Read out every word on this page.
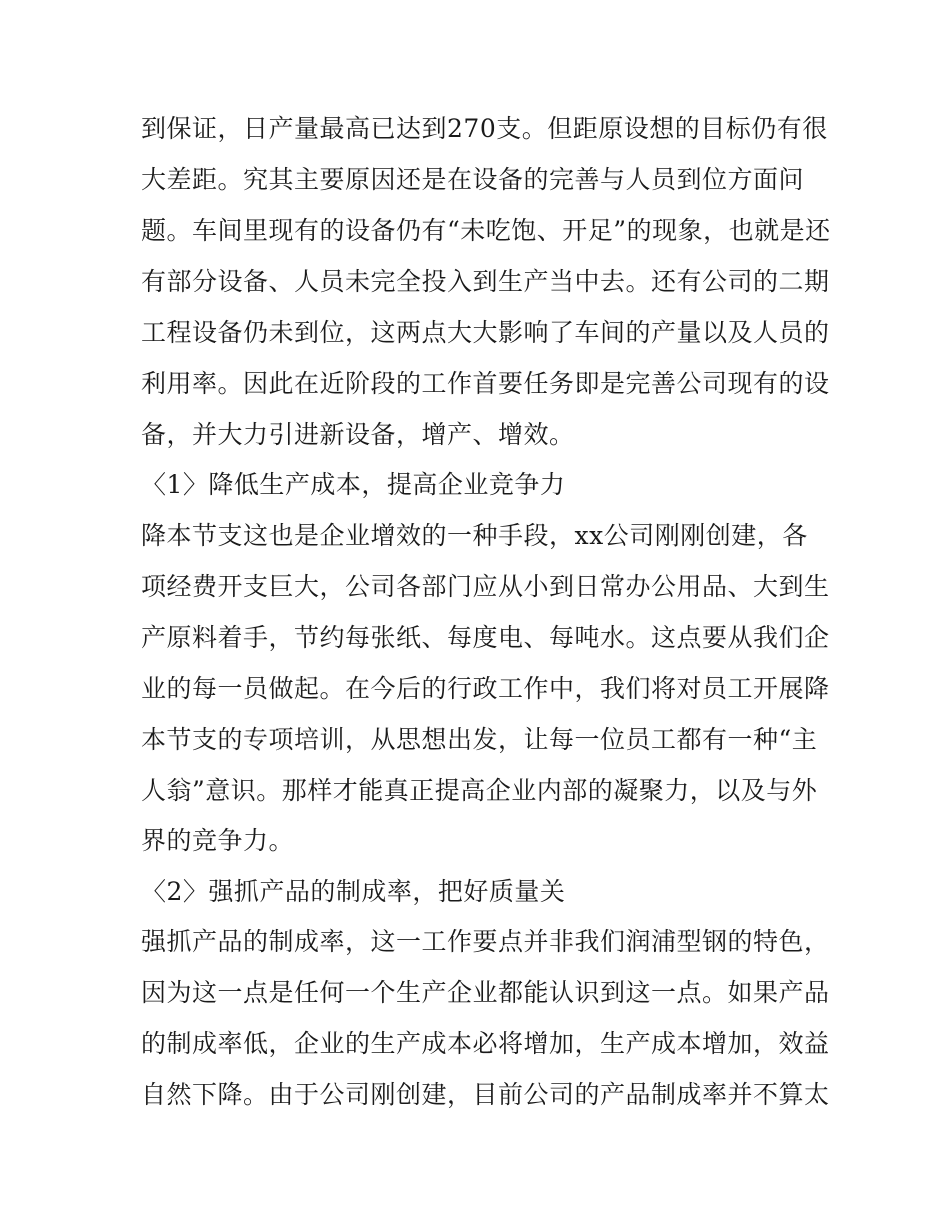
到保证，日产量最高已达到270支。但距原设想的目标仍有很
大差距。究其主要原因还是在设备的完善与人员到位方面问
题。车间里现有的设备仍有“未吃饱、开足”的现象，也就是还
有部分设备、人员未完全投入到生产当中去。还有公司的二期
工程设备仍未到位，这两点大大影响了车间的产量以及人员的
利用率。因此在近阶段的工作首要任务即是完善公司现有的设
备，并大力引进新设备，增产、增效。
〈1〉降低生产成本，提高企业竞争力
降本节支这也是企业增效的一种手段，xx公司刚刚创建，各
项经费开支巨大，公司各部门应从小到日常办公用品、大到生
产原料着手，节约每张纸、每度电、每吨水。这点要从我们企
业的每一员做起。在今后的行政工作中，我们将对员工开展降
本节支的专项培训，从思想出发，让每一位员工都有一种“主
人翁”意识。那样才能真正提高企业内部的凝聚力，以及与外
界的竞争力。
〈2〉强抓产品的制成率，把好质量关
强抓产品的制成率，这一工作要点并非我们润浦型钢的特色，
因为这一点是任何一个生产企业都能认识到这一点。如果产品
的制成率低，企业的生产成本必将增加，生产成本增加，效益
自然下降。由于公司刚创建，目前公司的产品制成率并不算太
